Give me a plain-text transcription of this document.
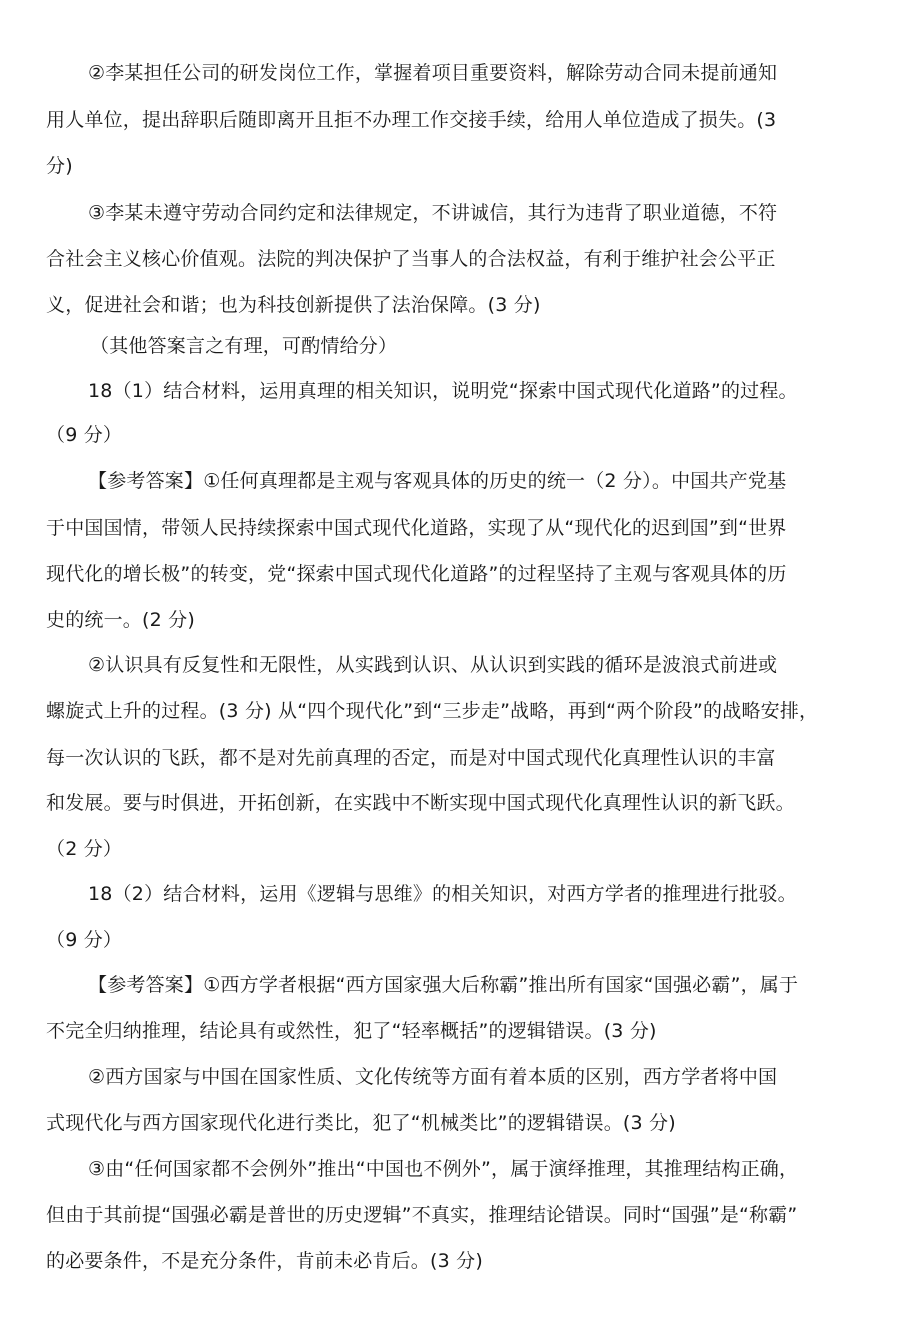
②李某担任公司的研发岗位工作，掌握着项目重要资料，解除劳动合同未提前通知
用人单位，提出辞职后随即离开且拒不办理工作交接手续，给用人单位造成了损失。(3
分)
③李某未遵守劳动合同约定和法律规定，不讲诚信，其行为违背了职业道德，不符
合社会主义核心价值观。法院的判决保护了当事人的合法权益，有利于维护社会公平正
义，促进社会和谐；也为科技创新提供了法治保障。(3 分)
（其他答案言之有理，可酌情给分）
18（1）结合材料，运用真理的相关知识，说明党“探索中国式现代化道路”的过程。
（9 分）
【参考答案】①任何真理都是主观与客观具体的历史的统一（2 分）。中国共产党基
于中国国情，带领人民持续探索中国式现代化道路，实现了从“现代化的迟到国”到“世界
现代化的增长极”的转变，党“探索中国式现代化道路”的过程坚持了主观与客观具体的历
史的统一。(2 分)
②认识具有反复性和无限性，从实践到认识、从认识到实践的循环是波浪式前进或
螺旋式上升的过程。(3 分) 从“四个现代化”到“三步走”战略，再到“两个阶段”的战略安排，
每一次认识的飞跃，都不是对先前真理的否定，而是对中国式现代化真理性认识的丰富
和发展。要与时俱进，开拓创新，在实践中不断实现中国式现代化真理性认识的新飞跃。
（2 分）
18（2）结合材料，运用《逻辑与思维》的相关知识，对西方学者的推理进行批驳。
（9 分）
【参考答案】①西方学者根据“西方国家强大后称霸”推出所有国家“国强必霸”，属于
不完全归纳推理，结论具有或然性，犯了“轻率概括”的逻辑错误。(3 分)
②西方国家与中国在国家性质、文化传统等方面有着本质的区别，西方学者将中国
式现代化与西方国家现代化进行类比，犯了“机械类比”的逻辑错误。(3 分)
③由“任何国家都不会例外”推出“中国也不例外”，属于演绎推理，其推理结构正确，
但由于其前提“国强必霸是普世的历史逻辑”不真实，推理结论错误。同时“国强”是“称霸”
的必要条件，不是充分条件，肯前未必肯后。(3 分)
